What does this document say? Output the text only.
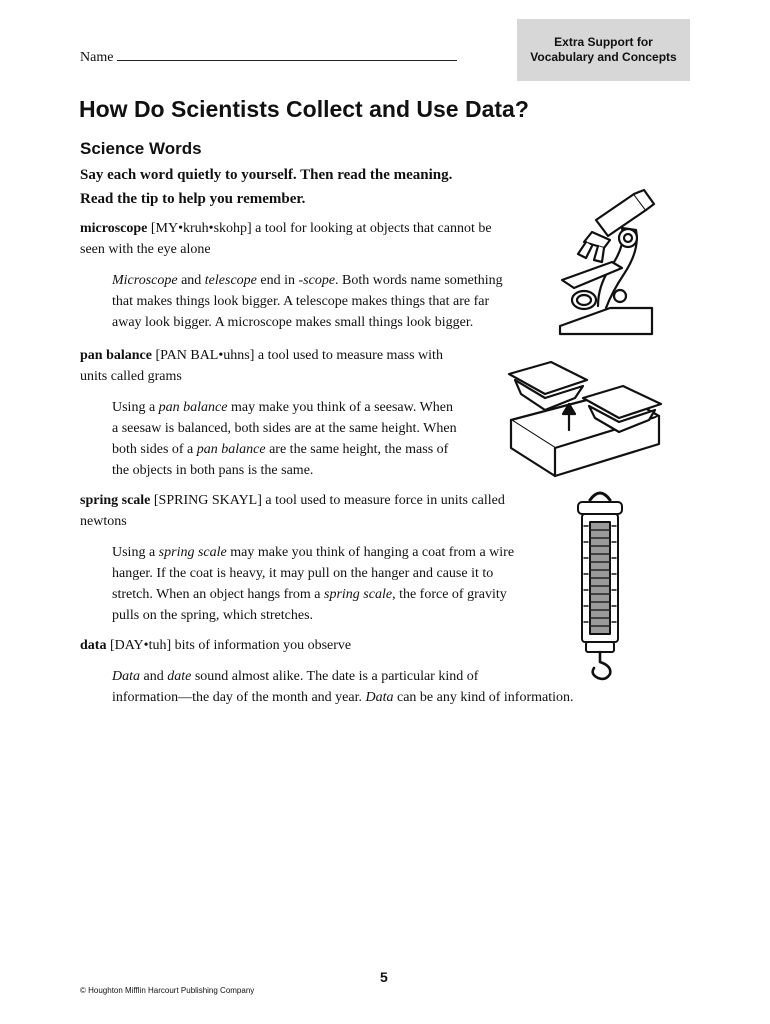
Name
Extra Support for
Vocabulary and Concepts
How Do Scientists Collect and Use Data?
Science Words

Say each word quietly to yourself. Then read the meaning.

Read the tip to help you remember.

microscope [MY•kruh•skohp] a tool for looking at objects that cannot be
seen with the eye alone

Microscope and telescope end in -scope. Both words name something
that makes things look bigger. A telescope makes things that are far
away look bigger. A microscope makes small things look bigger.

pan balance [PAN BAL•uhns] a tool used to measure mass with
units called grams

Using a pan balance may make you think of a seesaw. When
a seesaw is balanced, both sides are at the same height. When
both sides of a pan balance are the same height, the mass of
the objects in both pans is the same.

spring scale [SPRING SKAYL] a tool used to measure force in units called
newtons

Using a spring scale may make you think of hanging a coat from a wire
hanger. If the coat is heavy, it may pull on the hanger and cause it to
stretch. When an object hangs from a spring scale, the force of gravity
pulls on the spring, which stretches.

data [DAY•tuh] bits of information you observe

Data and date sound almost alike. The date is a particular kind of
information—the day of the month and year. Data can be any kind of information.

5
© Houghton Mifflin Harcourt Publishing Company
